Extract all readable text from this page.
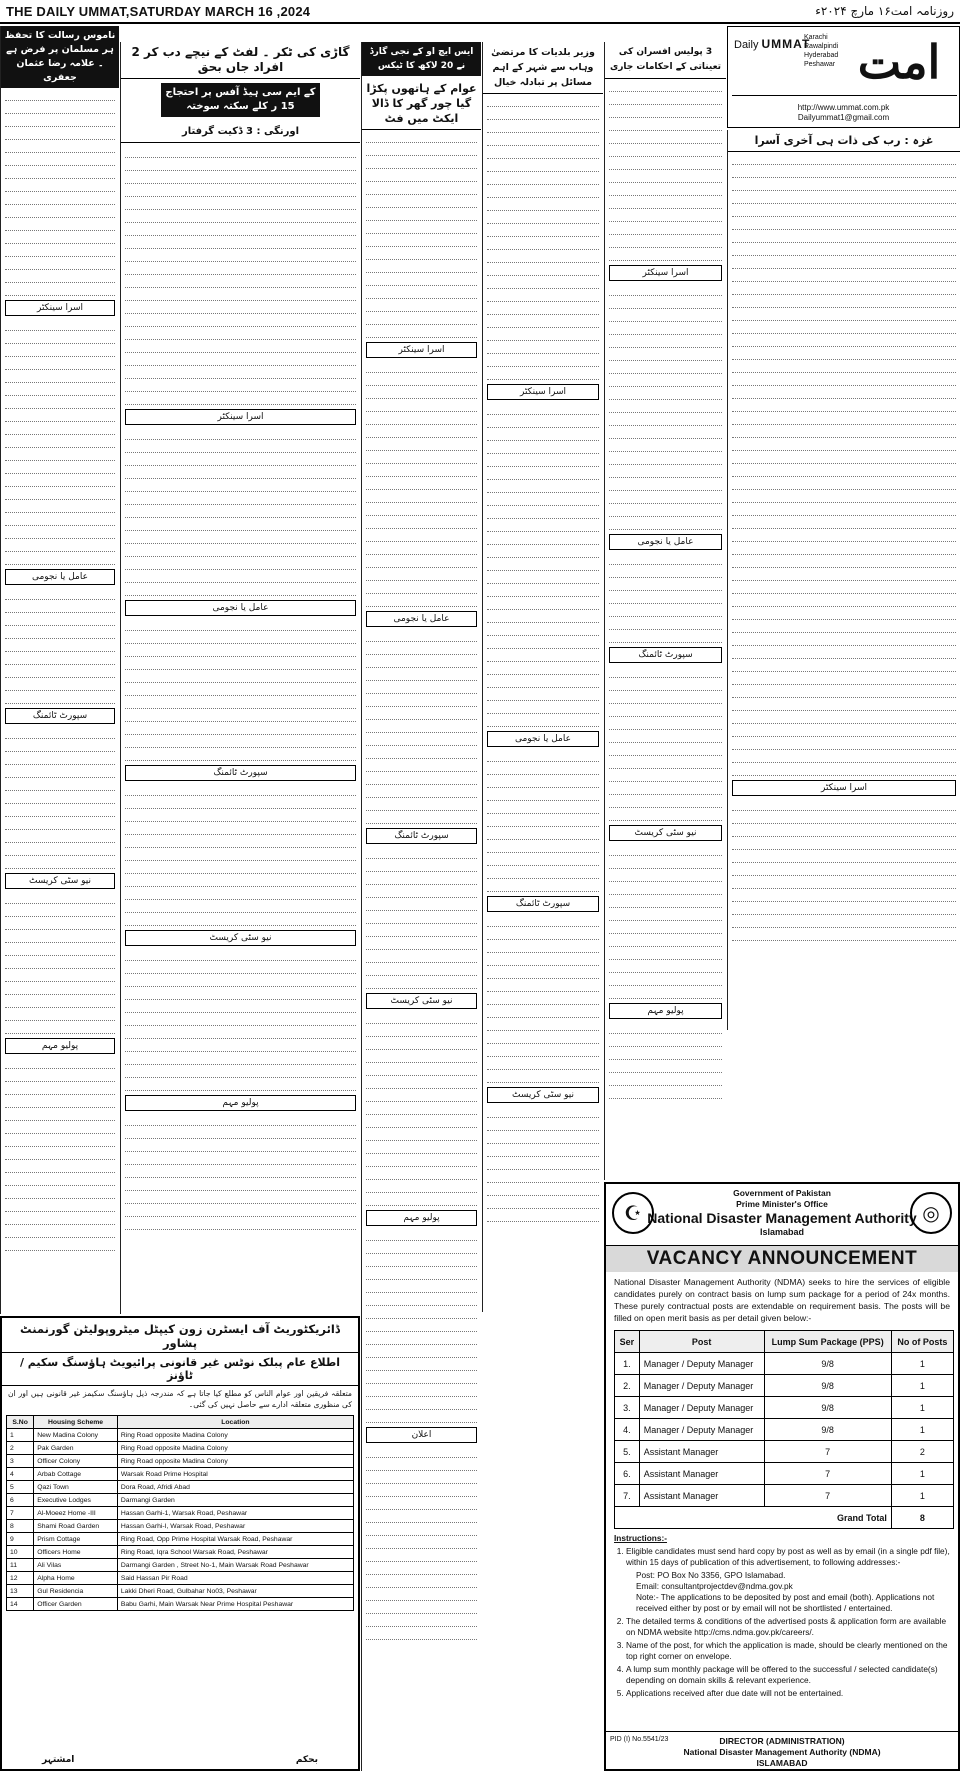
THE DAILY UMMAT,SATURDAY MARCH 16 ,2024	روزنامہ امت۱۶ مارچ ۲۰۲۴ء
امت
Daily UMMAT
Karachi
Rawalpindi
Hyderabad
Peshawar
http://www.ummat.com.pk
Dailyummat1@gmail.com
غزہ : رب کی ذات ہی آخری آسرا
اسرا سینکٹر
3 پولیس افسران کی تعیناتی کے احکامات جاری
اسرا سینکٹر
عامل یا نجومی
سپورٹ ٹائمنگ
نیو سٹی کریسٹ
پولیو مہم
وزیر بلدیات کا مرتضیٰ وہاب سے شہر کے اہم مسائل پر تبادلہ خیال
اسرا سینکٹر
عامل یا نجومی
سپورٹ ٹائمنگ
نیو سٹی کریسٹ
ایس ایچ او کے نجی گارڈ نے 20 لاکھ کا ٹیکس
عوام کے ہاتھوں پکڑا گیا چور گھر کا ڈالا ایکٹ میں فٹ
اسرا سینکٹر
عامل یا نجومی
سپورٹ ٹائمنگ
نیو سٹی کریسٹ
پولیو مہم
اعلان
گاڑی کی ٹکر ۔ لفٹ کے نیچے دب کر 2 افراد جاں بحق
کے ایم سی ہیڈ آفس پر احتجاج 15 ر کلے سکتہ سوختہ
اورنگی : 3 ڈکیت گرفتار
اسرا سینکٹر
عامل یا نجومی
سپورٹ ٹائمنگ
نیو سٹی کریسٹ
پولیو مہم
ناموس رسالت کا تحفظ ہر مسلمان پر فرض ہے ۔ علامہ رضا عثمان جعفری
اسرا سینکٹر
عامل یا نجومی
سپورٹ ٹائمنگ
نیو سٹی کریسٹ
پولیو مہم
☪	◎
Government of Pakistan
Prime Minister's Office
National Disaster Management Authority
Islamabad
VACANCY ANNOUNCEMENT
National Disaster Management Authority (NDMA) seeks to hire the services of eligible candidates purely on contract basis on lump sum package for a period of 24x months. These purely contractual posts are extendable on requirement basis. The posts will be filled on open merit basis as per detail given below:-
Ser	Post	Lump Sum Package (PPS)	No of Posts
1.	Manager / Deputy Manager	9/8	1
2.	Manager / Deputy Manager	9/8	1
3.	Manager / Deputy Manager	9/8	1
4.	Manager / Deputy Manager	9/8	1
5.	Assistant Manager	7	2
6.	Assistant Manager	7	1
7.	Assistant Manager	7	1
Grand Total			8
Instructions:-
1. Eligible candidates must send hard copy by post as well as by email (in a single pdf file), within 15 days of publication of this advertisement, to following addresses:-
Post: PO Box No 3356, GPO Islamabad.
Email: consultantprojectdev@ndma.gov.pk
Note:- The applications to be deposited by post and email (both). Applications not received either by post or by email will not be shortlisted / entertained.
2. The detailed terms & conditions of the advertised posts & application form are available on NDMA website http://cms.ndma.gov.pk/careers/.
3. Name of the post, for which the application is made, should be clearly mentioned on the top right corner on envelope.
4. A lump sum monthly package will be offered to the successful / selected candidate(s) depending on domain skills & relevant experience.
5. Applications received after due date will not be entertained.
PID (I) No.5541/23	DIRECTOR (ADMINISTRATION)
National Disaster Management Authority (NDMA)
ISLAMABAD
ڈائریکٹوریٹ آف ایسٹرن زون کیپٹل میٹروپولیٹن گورنمنٹ پشاور
اطلاع عام پبلک نوٹس غیر قانونی پرائیویٹ ہاؤسنگ سکیم / ٹاؤنز
متعلقہ فریقین اور عوام الناس کو مطلع کیا جاتا ہے کہ مندرجہ ذیل ہاؤسنگ سکیمز غیر قانونی ہیں اور ان کی منظوری متعلقہ ادارے سے حاصل نہیں کی گئی۔
S.No	Housing Scheme	Location
1	New Madina Colony	Ring Road opposite Madina Colony
2	Pak Garden	Ring Road opposite Madina Colony
3	Officer Colony	Ring Road opposite Madina Colony
4	Arbab Cottage	Warsak Road Prime Hospital
5	Qazi Town	Dora Road, Afridi Abad
6	Executive Lodges	Darmangi Garden
7	Al-Moeez Home -III	Hassan Garhi-1, Warsak Road, Peshawar
8	Shami Road Garden	Hassan Garhi-I, Warsak Road, Peshawar
9	Prism Cottage	Ring Road, Opp Prime Hospital Warsak Road, Peshawar
10	Officers Home	Ring Road, Iqra School Warsak Road, Peshawar
11	Ali Vilas	Darmangi Garden , Street No-1, Main Warsak Road Peshawar
12	Alpha Home	Said Hassan Pir Road
13	Gul Residencia	Lakki Dheri Road, Gulbahar No03, Peshawar
14	Officer Garden	Babu Garhi, Main Warsak Near Prime Hospital Peshawar
بحکم
امشتہر
